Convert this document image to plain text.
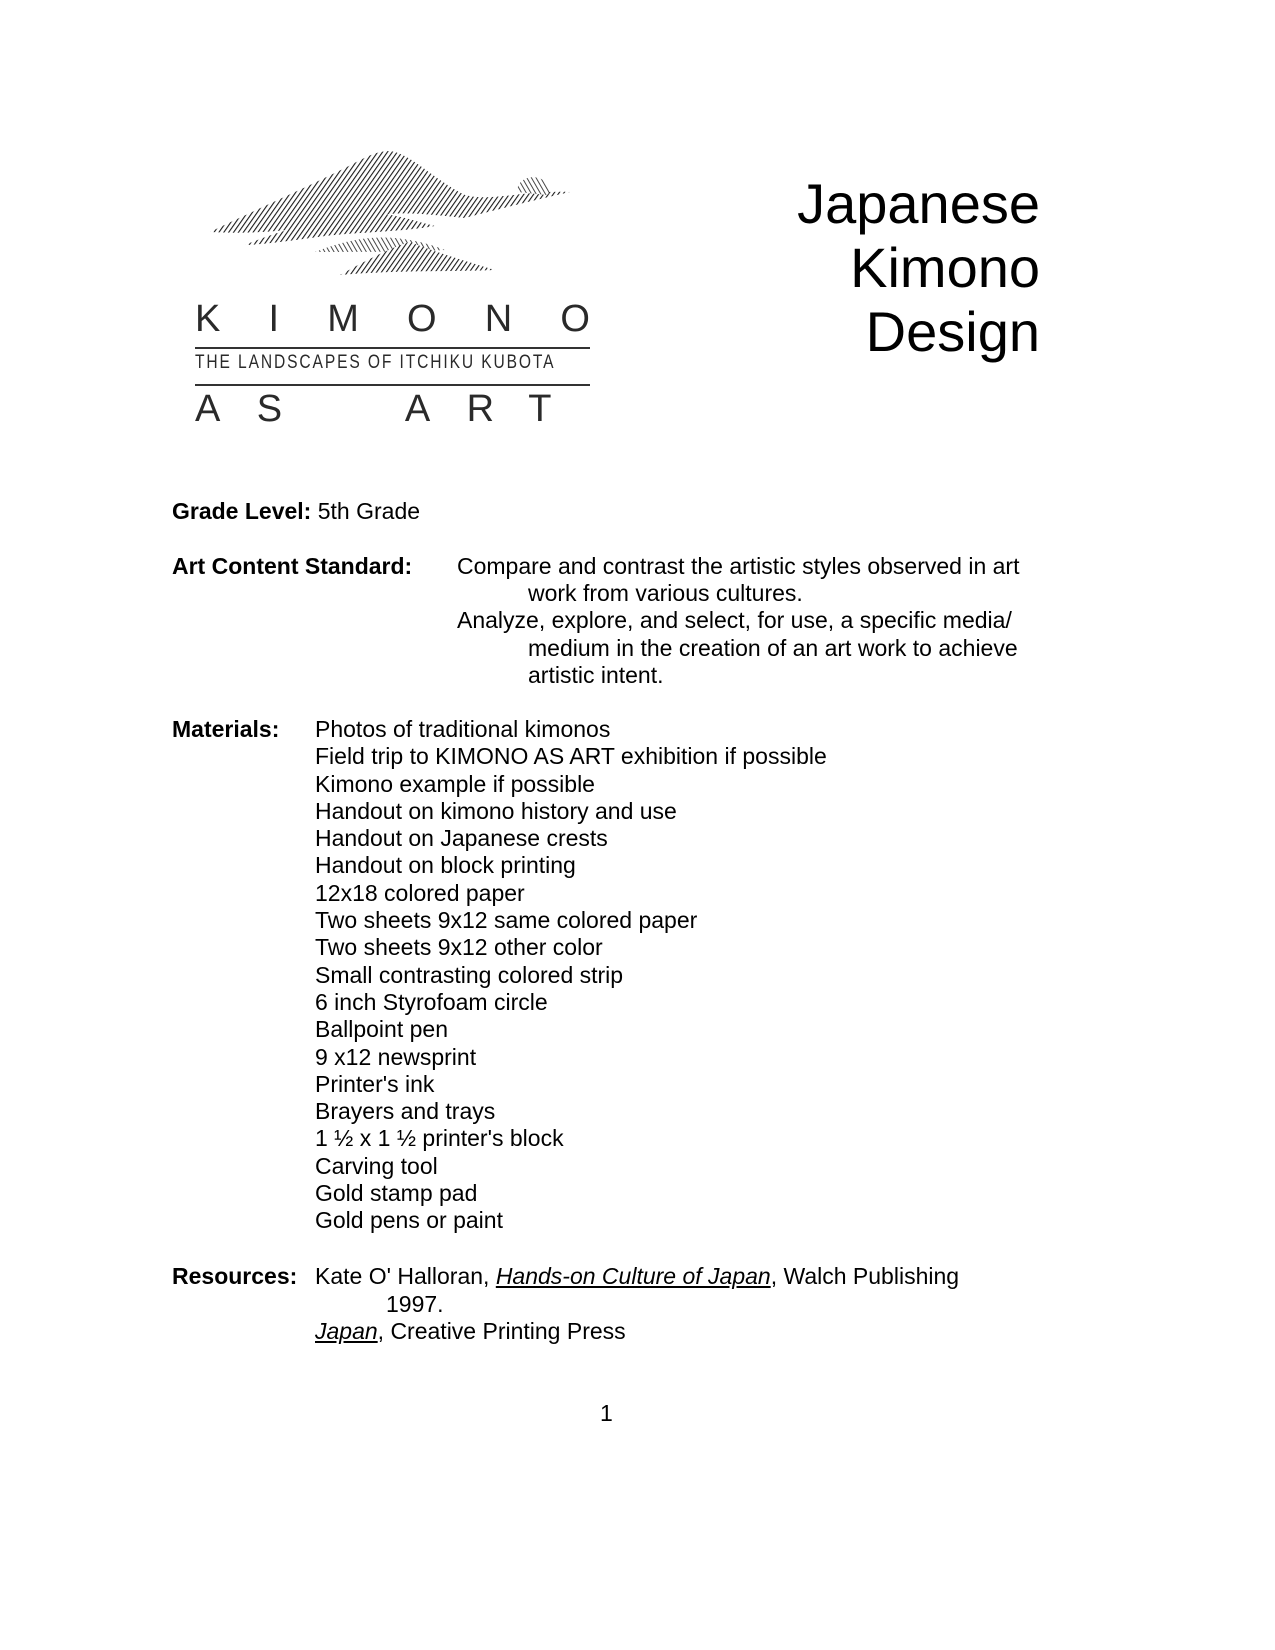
K I M O N O
THE LANDSCAPES OF ITCHIKU KUBOTA
A S	A R T
Japanese
Kimono
Design
Grade Level: 5th Grade
Art Content Standard: Compare and contrast the artistic styles observed in art
work from various cultures.
Analyze, explore, and select, for use, a specific media/
medium in the creation of an art work to achieve
artistic intent.
Materials: Photos of traditional kimonos
Field trip to KIMONO AS ART exhibition if possible
Kimono example if possible
Handout on kimono history and use
Handout on Japanese crests
Handout on block printing
12x18 colored paper
Two sheets 9x12 same colored paper
Two sheets 9x12 other color
Small contrasting colored strip
6 inch Styrofoam circle
Ballpoint pen
9 x12 newsprint
Printer's ink
Brayers and trays
1 ½ x 1 ½ printer's block
Carving tool
Gold stamp pad
Gold pens or paint
Resources: Kate O' Halloran, Hands-on Culture of Japan, Walch Publishing
1997.
Japan, Creative Printing Press
1
